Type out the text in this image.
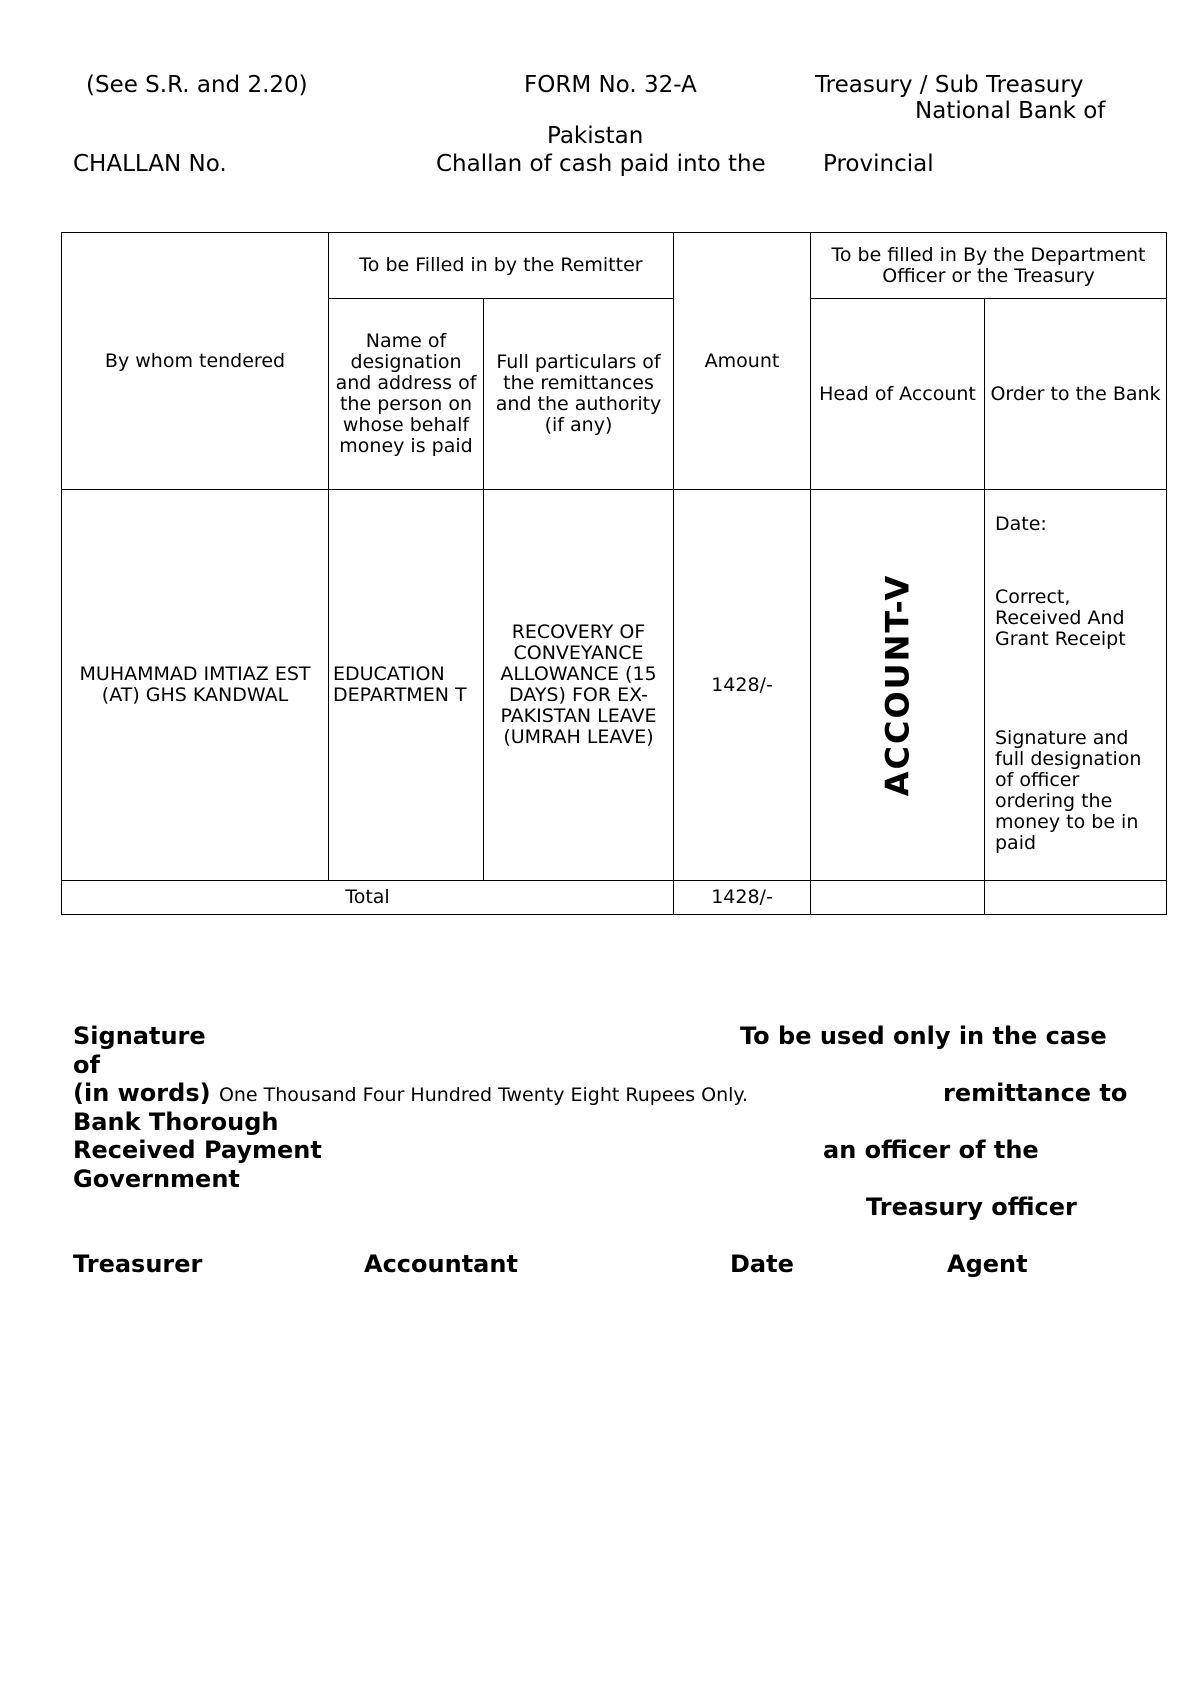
(See S.R. and 2.20)	FORM No. 32-A	Treasury / Sub Treasury
National Bank of
Pakistan
CHALLAN No.	Challan of cash paid into the Provincial
By whom tendered	To be Filled in by the Remitter		Amount	To be filled in By the Department Officer or the Treasury	
	Name of designation and address of the person on whose behalf money is paid	Full particulars of the remittances and the authority (if any)		Head of Account	Order to the Bank
MUHAMMAD IMTIAZ EST (AT) GHS KANDWAL	EDUCATION DEPARTMEN T	RECOVERY OF CONVEYANCE ALLOWANCE (15 DAYS) FOR EX-PAKISTAN LEAVE (UMRAH LEAVE)	1428/-	ACCOUNT-V	Date:
Correct, Received And Grant Receipt
Signature and full designation of officer ordering the money to be in paid

Total			1428/-		
Signature	To be used only in the case
of
(in words) One Thousand Four Hundred Twenty Eight Rupees Only.	remittance to
Bank Thorough
Received Payment	an officer of the
Government
Treasury officer
Treasurer	Accountant	Date	Agent
